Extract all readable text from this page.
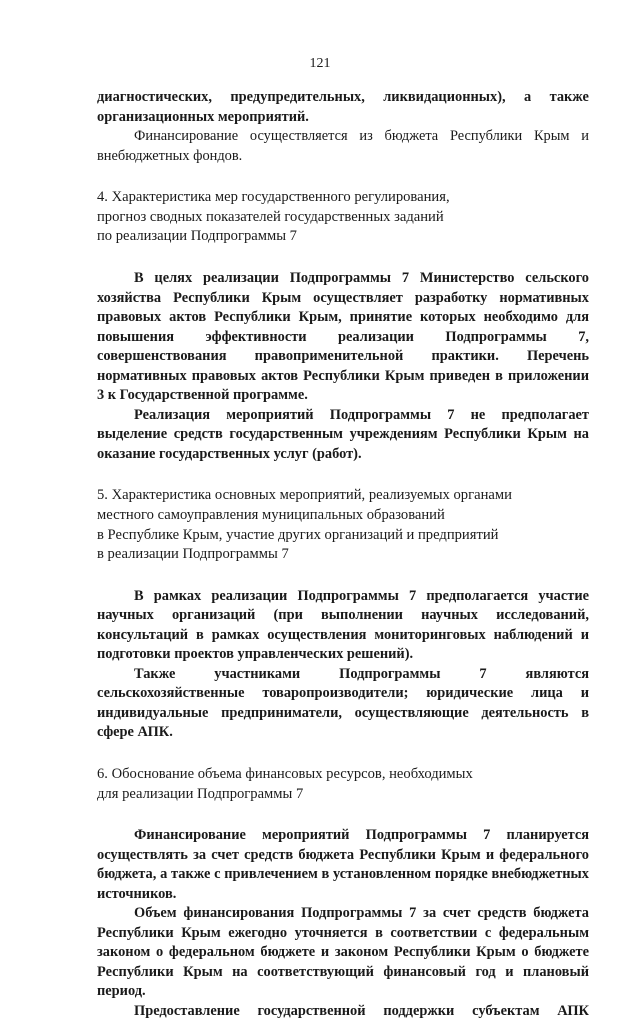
121
диагностических, предупредительных, ликвидационных), а также

организационных мероприятий.

Финансирование осуществляется из бюджета Республики Крым и внебюджетных фондов.

4. Характеристика мер государственного регулирования,

прогноз сводных показателей государственных заданий

по реализации Подпрограммы 7

В целях реализации Подпрограммы 7 Министерство сельского хозяйства Республики Крым осуществляет разработку нормативных правовых актов Республики Крым, принятие которых необходимо для повышения эффективности реализации Подпрограммы 7, совершенствования правоприменительной практики. Перечень нормативных правовых актов Республики Крым приведен в приложении 3 к Государственной программе.

Реализация мероприятий Подпрограммы 7 не предполагает выделение средств государственным учреждениям Республики Крым на оказание государственных услуг (работ).

5. Характеристика основных мероприятий, реализуемых органами

местного самоуправления муниципальных образований

в Республике Крым, участие других организаций и предприятий

в реализации Подпрограммы 7

В рамках реализации Подпрограммы 7 предполагается участие научных организаций (при выполнении научных исследований, консультаций в рамках осуществления мониторинговых наблюдений и подготовки проектов управленческих решений).

Также участниками Подпрограммы 7 являются сельскохозяйственные товаропроизводители; юридические лица и индивидуальные предприниматели, осуществляющие деятельность в сфере АПК.

6. Обоснование объема финансовых ресурсов, необходимых

для реализации Подпрограммы 7

Финансирование мероприятий Подпрограммы 7 планируется осуществлять за счет средств бюджета Республики Крым и федерального бюджета, а также с привлечением в установленном порядке внебюджетных источников.

Объем финансирования Подпрограммы 7 за счет средств бюджета Республики Крым ежегодно уточняется в соответствии с федеральным законом о федеральном бюджете и законом Республики Крым о бюджете Республики Крым на соответствующий финансовый год и плановый период.

Предоставление государственной поддержки субъектам АПК
